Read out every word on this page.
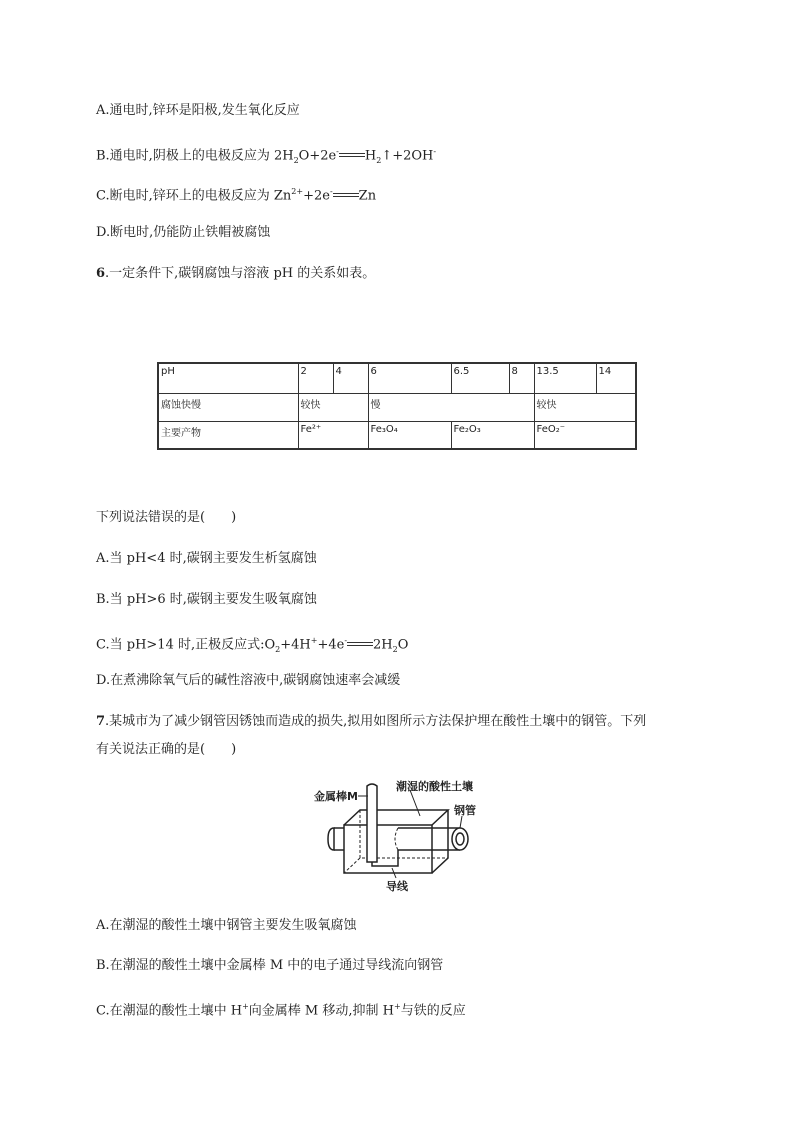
A.通电时,锌环是阳极,发生氧化反应
B.通电时,阴极上的电极反应为 $2H_2O+2e^-$ $H_2↑+2OH^-$
C.断电时,锌环上的电极反应为 $Zn^{2+}+2e^-$ Zn
D.断电时,仍能防止铁帽被腐蚀
6.一定条件下,碳钢腐蚀与溶液 pH 的关系如表。
pH	2	4	6	6.5	8	13.5	14
腐蚀快慢	较快		慢			较快	
主要产物	Fe²⁺		Fe₃O₄	Fe₂O₃		FeO₂⁻	
下列说法错误的是(　　)
A.当 pH<4 时,碳钢主要发生析氢腐蚀
B.当 pH>6 时,碳钢主要发生吸氧腐蚀
C.当 pH>14 时,正极反应式$:O_2+4H^++4e^-$ $2H_2O$
D.在煮沸除氧气后的碱性溶液中,碳钢腐蚀速率会减缓
7.某城市为了减少钢管因锈蚀而造成的损失,拟用如图所示方法保护埋在酸性土壤中的钢管。下列
有关说法正确的是(　　)
金属棒M
潮湿的酸性土壤
钢管
导线
A.在潮湿的酸性土壤中钢管主要发生吸氧腐蚀
B.在潮湿的酸性土壤中金属棒 M 中的电子通过导线流向钢管
C.在潮湿的酸性土壤中 H+向金属棒 M 移动,抑制 H+与铁的反应
